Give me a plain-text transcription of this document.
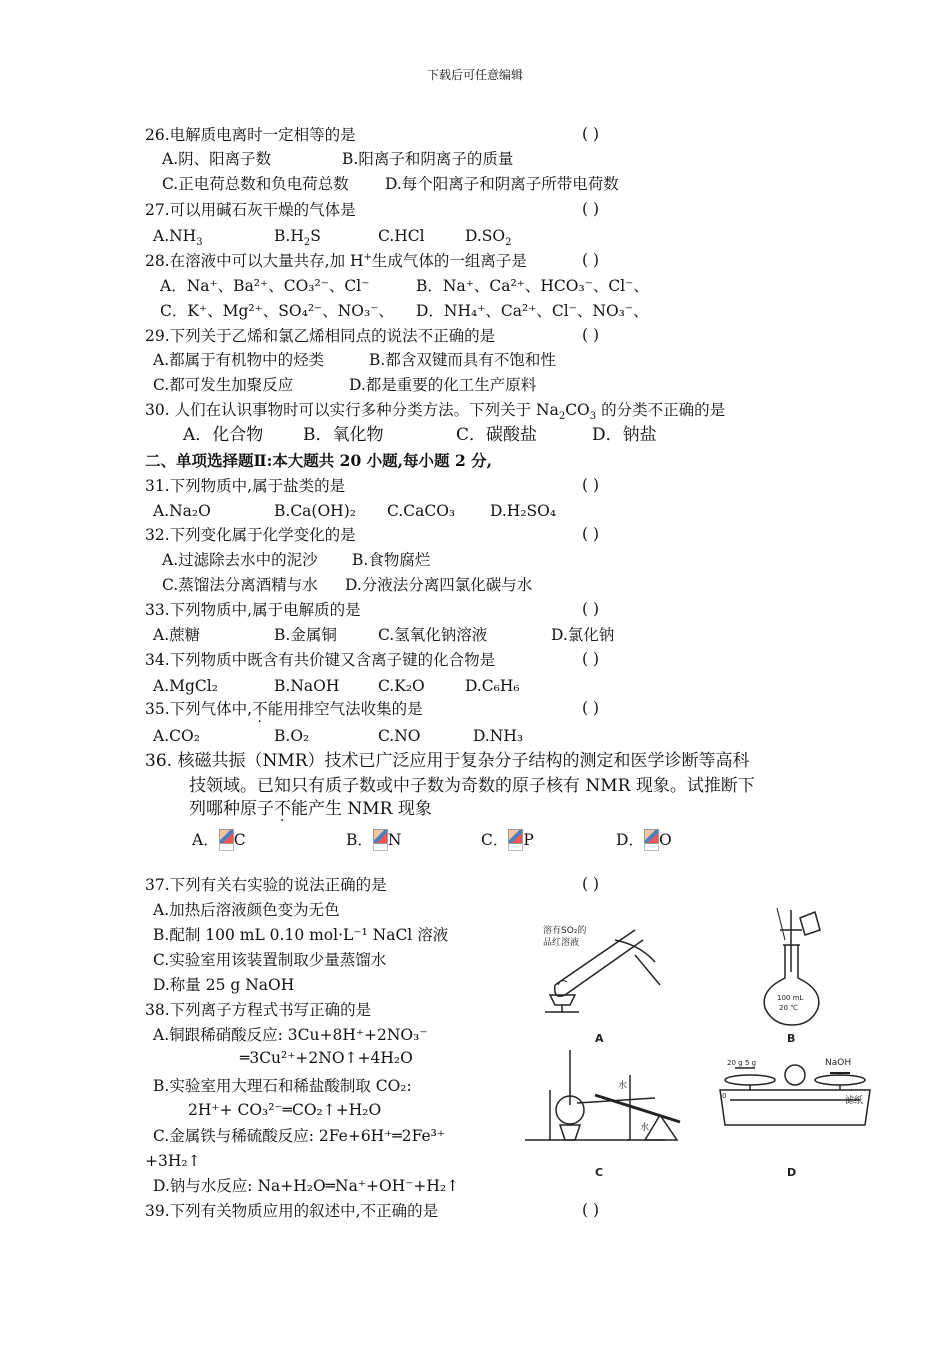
下载后可任意编辑
26.电解质电离时一定相等的是	( )
A.阴、阳离子数	B.阳离子和阴离子的质量
C.正电荷总数和负电荷总数 D.每个阳离子和阴离子所带电荷数
27.可以用碱石灰干燥的气体是	( )
$A.NH_3$	$B.H_2S$	C.HCl	$D.SO_2$
28.在溶液中可以大量共存,加 H+生成气体的一组离子是	( )
A．Na⁺、Ba²⁺、CO₃²⁻、Cl⁻	B．Na⁺、Ca²⁺、HCO₃⁻、Cl⁻、
C．K⁺、Mg²⁺、SO₄²⁻、NO₃⁻、 D．NH₄⁺、Ca²⁺、Cl⁻、NO₃⁻、
29.下列关于乙烯和氯乙烯相同点的说法不正确的是	( )
A.都属于有机物中的烃类	B.都含双键而具有不饱和性
C.都可发生加聚反应	D.都是重要的化工生产原料
30. 人们在认识事物时可以实行多种分类方法。下列关于 $Na_2CO_3$ 的分类不正确的是
A．化合物 B．氧化物	C．碳酸盐	D．钠盐
二、单项选择题Ⅱ:本大题共 20 小题,每小题 2 分,
31.下列物质中,属于盐类的是	( )
A.Na₂O	B.Ca(OH)₂ C.CaCO₃ D.H₂SO₄
32.下列变化属于化学变化的是	( )
A.过滤除去水中的泥沙 B.食物腐烂
C.蒸馏法分离酒精与水 D.分液法分离四氯化碳与水
33.下列物质中,属于电解质的是	( )
A.蔗糖	B.金属铜	C.氢氧化钠溶液	D.氯化钠
34.下列物质中既含有共价键又含离子键的化合物是	( )
A.MgCl₂	B.NaOH C.K₂O	D.C₆H₆
35.下列气体中,不能用排空气法收集的是	( )
A.CO₂	B.O₂	C.NO	D.NH₃
36. 核磁共振（NMR）技术已广泛应用于复杂分子结构的测定和医学诊断等高科
技领域。已知只有质子数或中子数为奇数的原子核有 NMR 现象。试推断下
列哪种原子不能产生 NMR 现象
A． C	B． N	C． P	D． O
37.下列有关右实验的说法正确的是	( )
A.加热后溶液颜色变为无色
B.配制 100 mL 0.10 mol·L⁻¹ NaCl 溶液
C.实验室用该装置制取少量蒸馏水
D.称量 25 g NaOH
38.下列离子方程式书写正确的是
A.铜跟稀硝酸反应: 3Cu+8H⁺+2NO₃⁻
═3Cu²⁺+2NO↑+4H₂O
B.实验室用大理石和稀盐酸制取 CO₂:
2H⁺+ CO₃²⁻═CO₂↑+H₂O
C.金属铁与稀硫酸反应: 2Fe+6H⁺═2Fe³⁺
+3H₂↑
D.钠与水反应: Na+H₂O═Na⁺+OH⁻+H₂↑
39.下列有关物质应用的叙述中,不正确的是	( )
溶有SO₂的
品红溶液
100 mL
20 ℃
水
水
NaOH
滤纸
20 g 5 g
0
A	B
C	D
